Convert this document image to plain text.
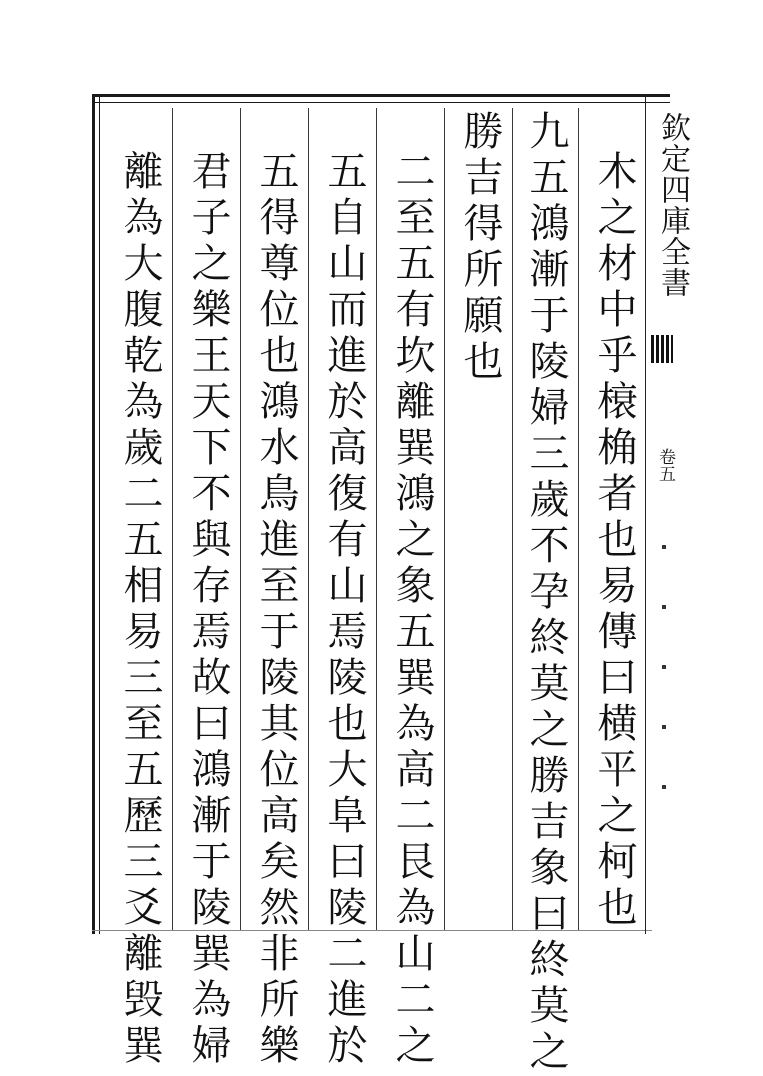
欽定四庫全書
卷五
木之材中乎榱桷者也易傳曰横平之柯也
九五鴻漸于陵婦三歲不孕終莫之勝吉象曰終莫之
勝吉得所願也
二至五有坎離巽鴻之象五巽為高二艮為山二之
五自山而進於高復有山焉陵也大阜曰陵二進於
五得尊位也鴻水鳥進至于陵其位高矣然非所樂
君子之樂王天下不與存焉故曰鴻漸于陵巽為婦
離為大腹乾為歲二五相易三至五歷三爻離毁巽
